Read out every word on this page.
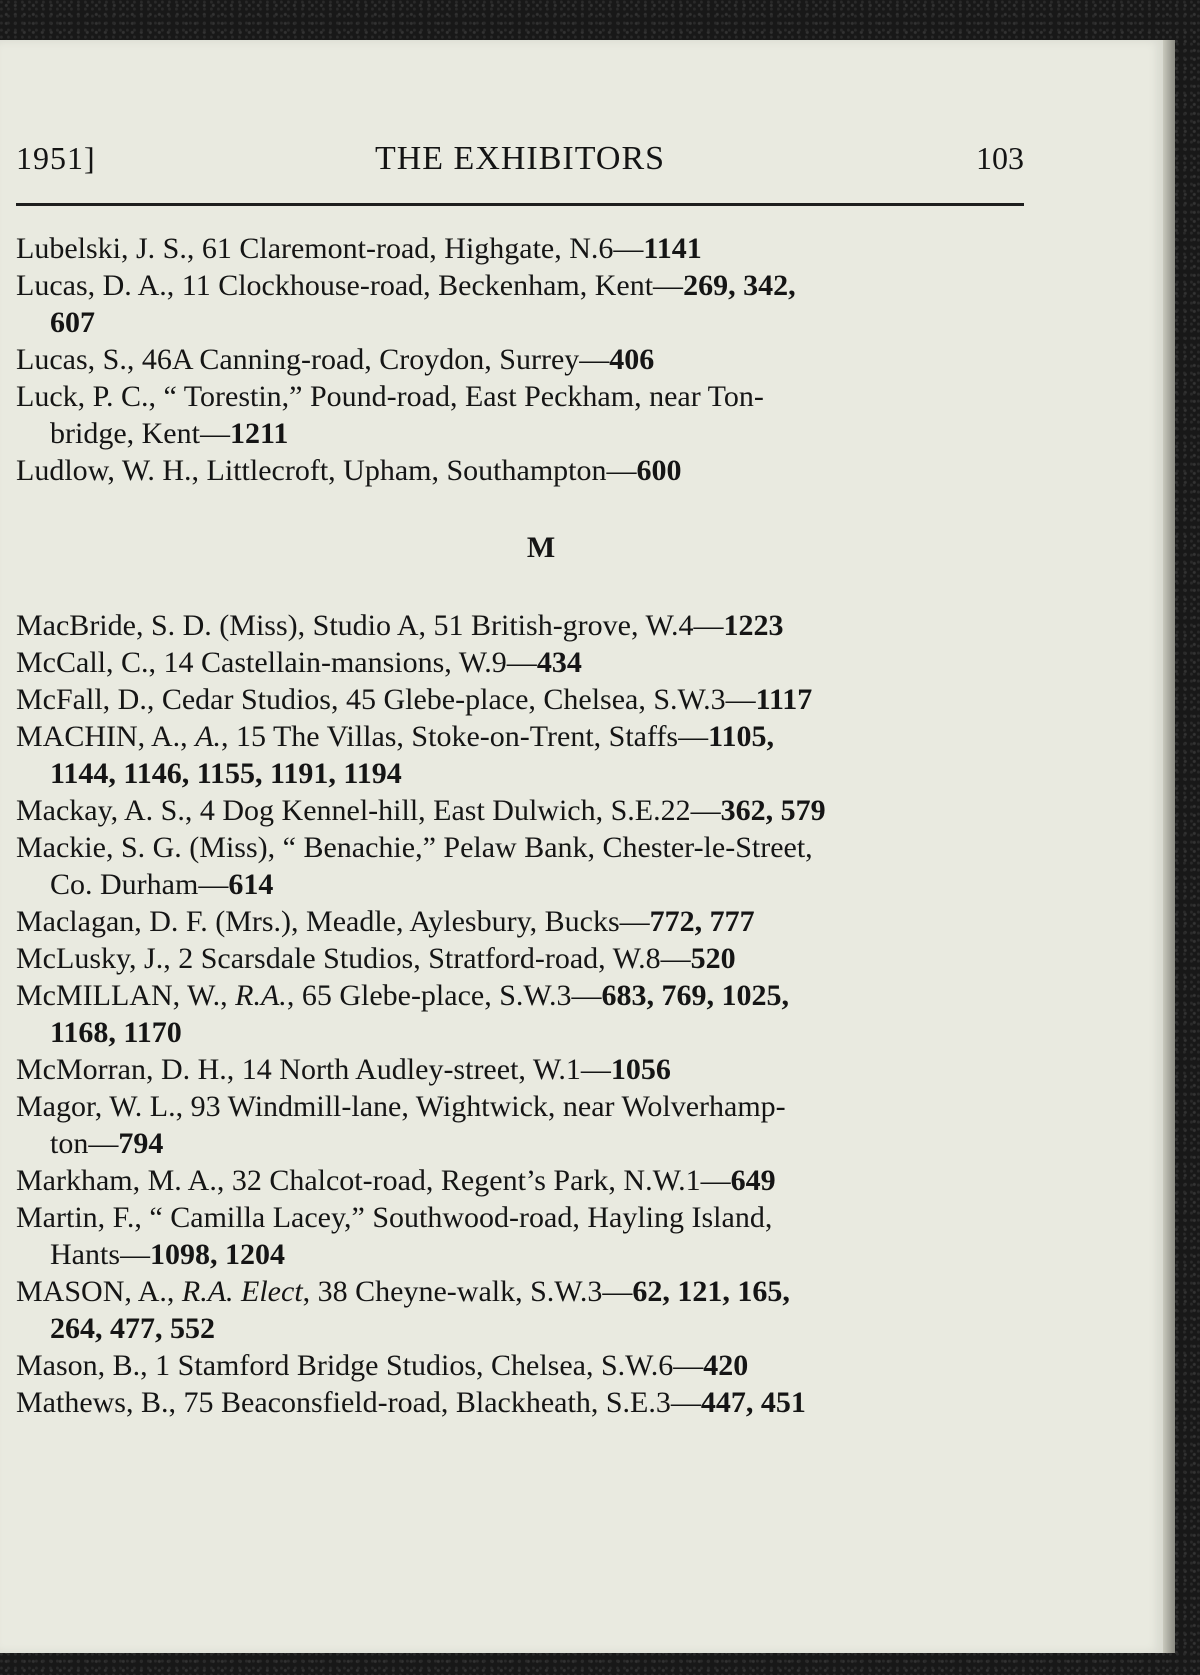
1951]	THE EXHIBITORS	103
Lubelski, J. S., 61 Claremont-road, Highgate, N.6—1141
Lucas, D. A., 11 Clockhouse-road, Beckenham, Kent—269, 342,
607
Lucas, S., 46A Canning-road, Croydon, Surrey—406
Luck, P. C., “ Torestin,” Pound-road, East Peckham, near Ton-
bridge, Kent—1211
Ludlow, W. H., Littlecroft, Upham, Southampton—600
M
MacBride, S. D. (Miss), Studio A, 51 British-grove, W.4—1223
McCall, C., 14 Castellain-mansions, W.9—434
McFall, D., Cedar Studios, 45 Glebe-place, Chelsea, S.W.3—1117
MACHIN, A., A., 15 The Villas, Stoke-on-Trent, Staffs—1105,
1144, 1146, 1155, 1191, 1194
Mackay, A. S., 4 Dog Kennel-hill, East Dulwich, S.E.22—362, 579
Mackie, S. G. (Miss), “ Benachie,” Pelaw Bank, Chester-le-Street,
Co. Durham—614
Maclagan, D. F. (Mrs.), Meadle, Aylesbury, Bucks—772, 777
McLusky, J., 2 Scarsdale Studios, Stratford-road, W.8—520
McMILLAN, W., R.A., 65 Glebe-place, S.W.3—683, 769, 1025,
1168, 1170
McMorran, D. H., 14 North Audley-street, W.1—1056
Magor, W. L., 93 Windmill-lane, Wightwick, near Wolverhamp-
ton—794
Markham, M. A., 32 Chalcot-road, Regent’s Park, N.W.1—649
Martin, F., “ Camilla Lacey,” Southwood-road, Hayling Island,
Hants—1098, 1204
MASON, A., R.A. Elect, 38 Cheyne-walk, S.W.3—62, 121, 165,
264, 477, 552
Mason, B., 1 Stamford Bridge Studios, Chelsea, S.W.6—420
Mathews, B., 75 Beaconsfield-road, Blackheath, S.E.3—447, 451
